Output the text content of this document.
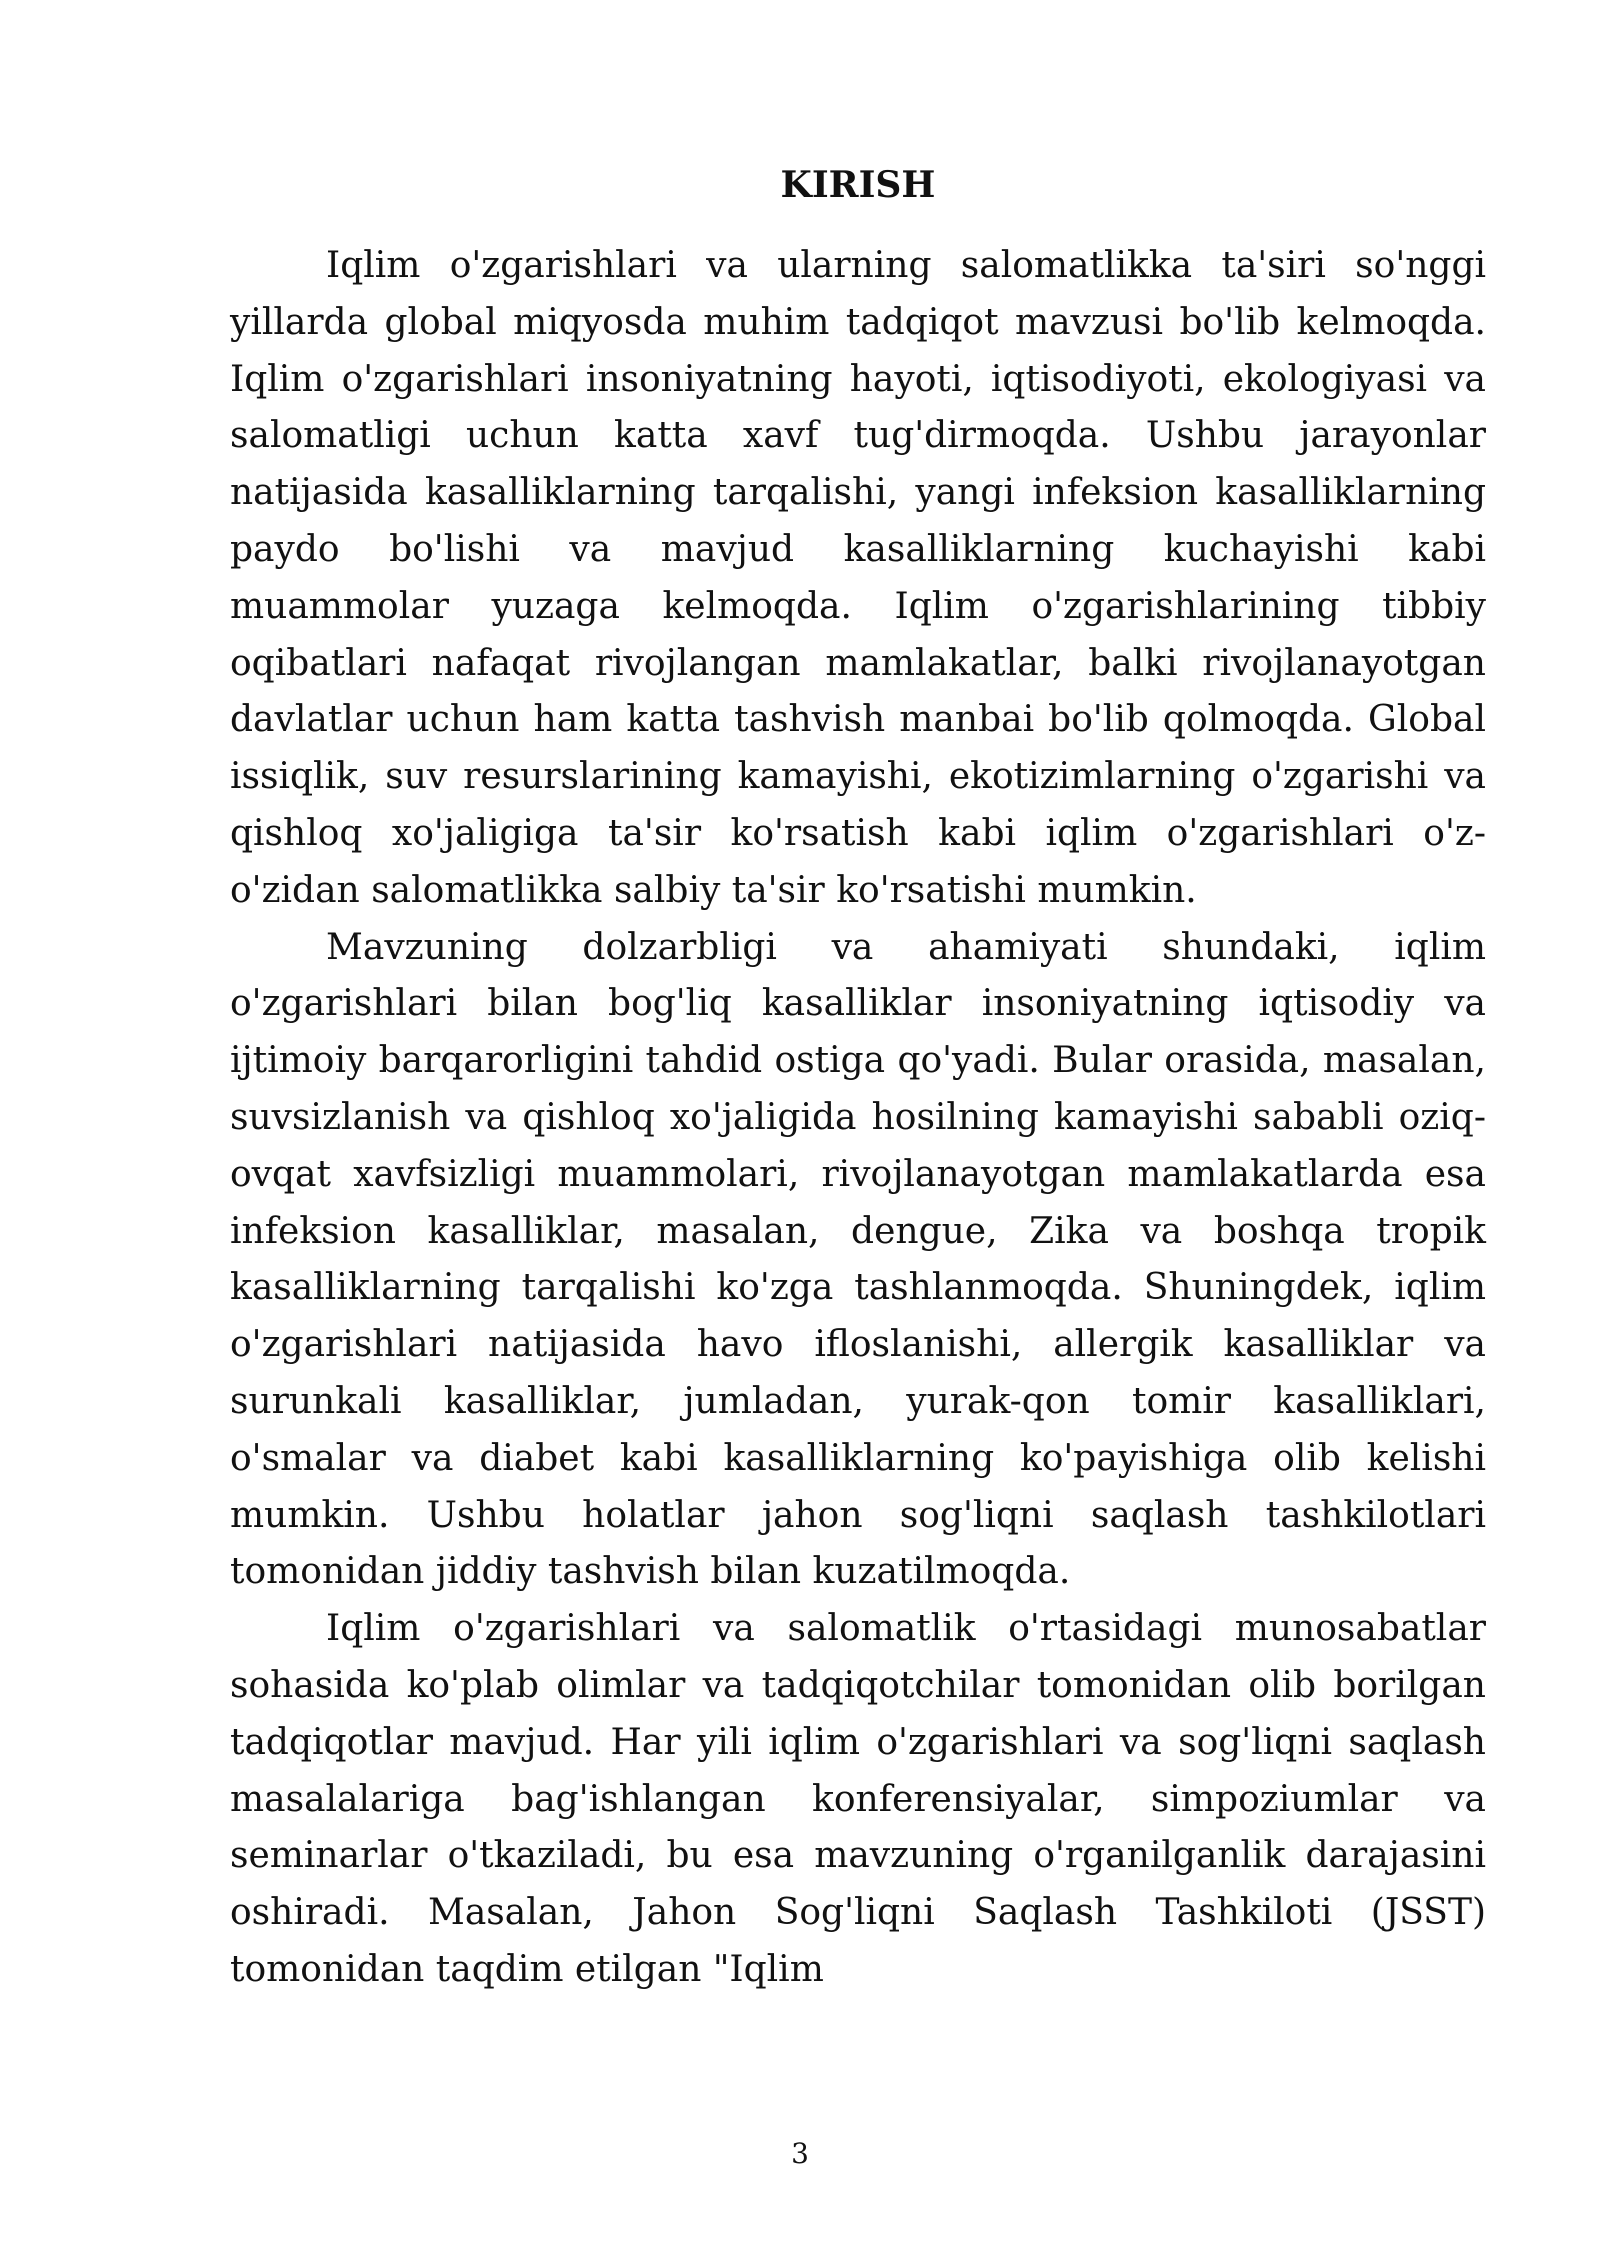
KIRISH

Iqlim o'zgarishlari va ularning salomatlikka ta'siri so'nggi yillarda global miqyosda muhim tadqiqot mavzusi bo'lib kelmoqda. Iqlim o'zgarishlari insoniyatning hayoti, iqtisodiyoti, ekologiyasi va salomatligi uchun katta xavf tug'dirmoqda. Ushbu jarayonlar natijasida kasalliklarning tarqalishi, yangi infeksion kasalliklarning paydo bo'lishi va mavjud kasalliklarning kuchayishi kabi muammolar yuzaga kelmoqda. Iqlim o'zgarishlarining tibbiy oqibatlari nafaqat rivojlangan mamlakatlar, balki rivojlanayotgan davlatlar uchun ham katta tashvish manbai bo'lib qolmoqda. Global issiqlik, suv resurslarining kamayishi, ekotizimlarning o'zgarishi va qishloq xo'jaligiga ta'sir ko'rsatish kabi iqlim o'zgarishlari o'z-o'zidan salomatlikka salbiy ta'sir ko'rsatishi mumkin.

Mavzuning dolzarbligi va ahamiyati shundaki, iqlim o'zgarishlari bilan bog'liq kasalliklar insoniyatning iqtisodiy va ijtimoiy barqarorligini tahdid ostiga qo'yadi. Bular orasida, masalan, suvsizlanish va qishloq xo'jaligida hosilning kamayishi sababli oziq-ovqat xavfsizligi muammolari, rivojlanayotgan mamlakatlarda esa infeksion kasalliklar, masalan, dengue, Zika va boshqa tropik kasalliklarning tarqalishi ko'zga tashlanmoqda. Shuningdek, iqlim o'zgarishlari natijasida havo ifloslanishi, allergik kasalliklar va surunkali kasalliklar, jumladan, yurak-qon tomir kasalliklari, o'smalar va diabet kabi kasalliklarning ko'payishiga olib kelishi mumkin. Ushbu holatlar jahon sog'liqni saqlash tashkilotlari tomonidan jiddiy tashvish bilan kuzatilmoqda.

Iqlim o'zgarishlari va salomatlik o'rtasidagi munosabatlar sohasida ko'plab olimlar va tadqiqotchilar tomonidan olib borilgan tadqiqotlar mavjud. Har yili iqlim o'zgarishlari va sog'liqni saqlash masalalariga bag'ishlangan konferensiyalar, simpoziumlar va seminarlar o'tkaziladi, bu esa mavzuning o'rganilganlik darajasini oshiradi. Masalan, Jahon Sog'liqni Saqlash Tashkiloti (JSST) tomonidan taqdim etilgan "Iqlim

3
